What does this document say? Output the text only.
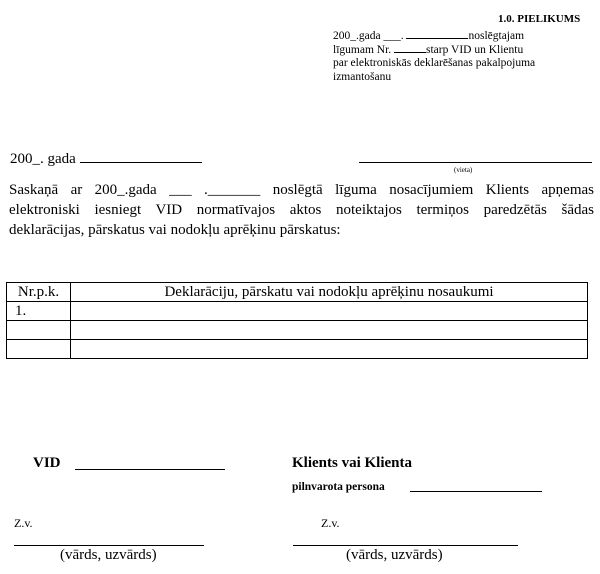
1.0. PIELIKUMS
200_.gada ___.	noslēgtajam
līgumam Nr.	starp VID un Klientu
par elektroniskās deklarēšanas pakalpojuma
izmantošanu
200_. gada
(vieta)
Saskaņā ar 200_.gada ___ ._______ noslēgtā līguma nosacījumiem Klients apņemas
elektroniski iesniegt VID normatīvajos aktos noteiktajos termiņos paredzētās šādas
deklarācijas, pārskatus vai nodokļu aprēķinu pārskatus:
Nr.p.k.	Deklarāciju, pārskatu vai nodokļu aprēķinu nosaukumi
1.	

VID	Klients vai Klienta
pilnvarota persona
Z.v.	Z.v.
(vārds, uzvārds)	(vārds, uzvārds)
